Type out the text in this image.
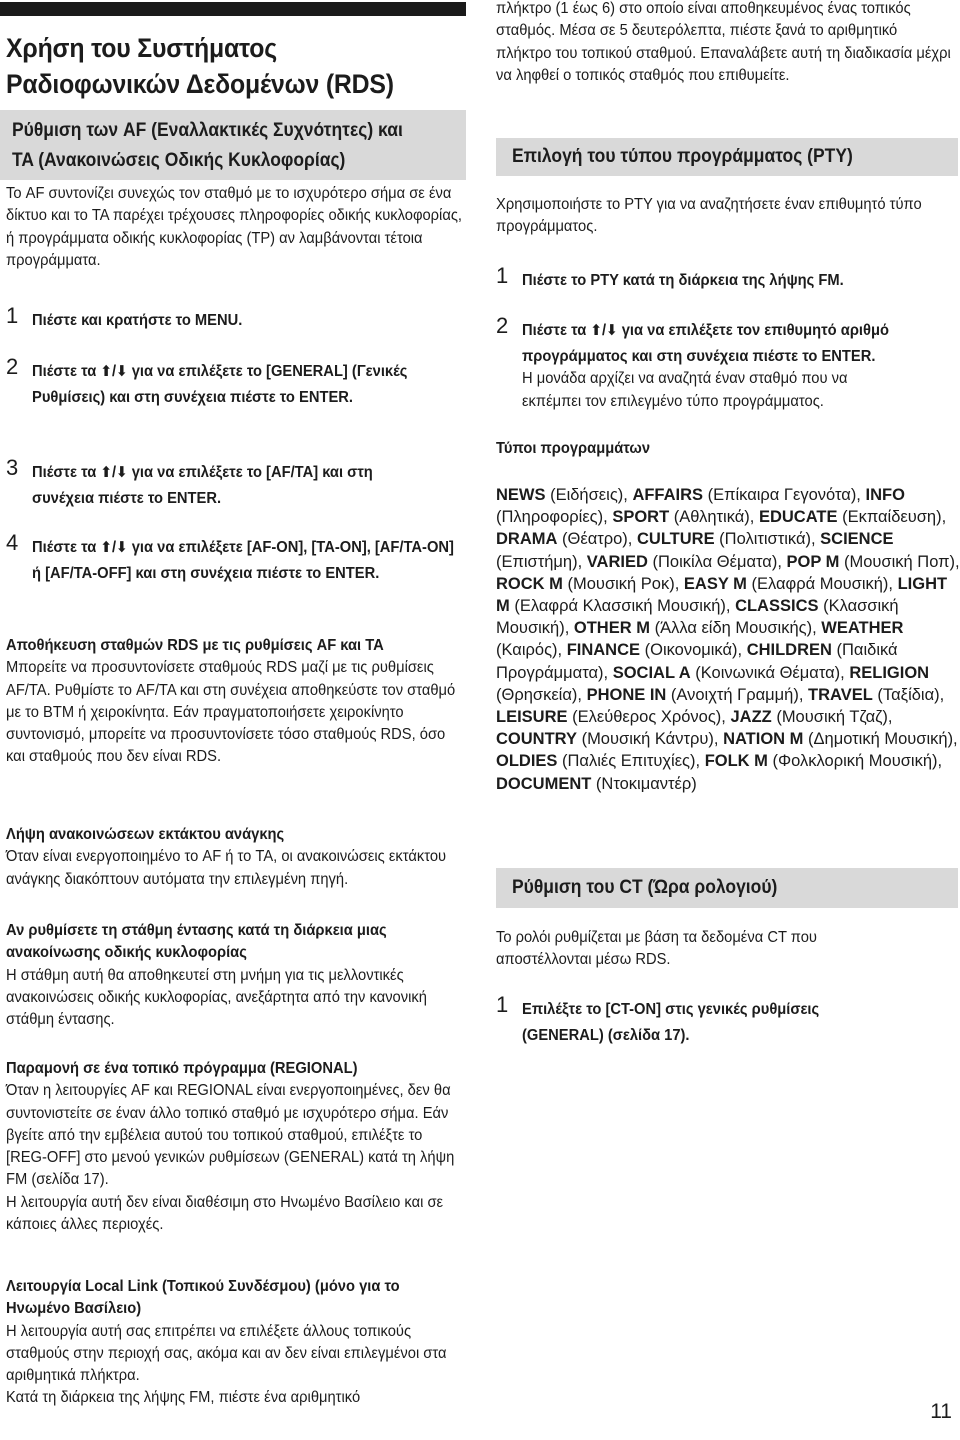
Χρήση του Συστήματος Ραδιοφωνικών Δεδομένων (RDS)
Ρύθμιση των AF (Εναλλακτικές Συχνότητες) και TA (Ανακοινώσεις Οδικής Κυκλοφορίας)
Το AF συντονίζει συνεχώς τον σταθμό με το ισχυρότερο σήμα σε ένα δίκτυο και το TA παρέχει τρέχουσες πληροφορίες οδικής κυκλοφορίας, ή προγράμματα οδικής κυκλοφορίας (TP) αν λαμβάνονται τέτοια προγράμματα.
1 Πιέστε και κρατήστε το MENU.
2 Πιέστε τα ⬆/⬇ για να επιλέξετε το [GENERAL] (Γενικές Ρυθμίσεις) και στη συνέχεια πιέστε το ENTER.
3 Πιέστε τα ⬆/⬇ για να επιλέξετε το [AF/TA] και στη συνέχεια πιέστε το ENTER.
4 Πιέστε τα ⬆/⬇ για να επιλέξετε [AF-ON], [TA-ON], [AF/TA-ON] ή [AF/TA-OFF] και στη συνέχεια πιέστε το ENTER.
Αποθήκευση σταθμών RDS με τις ρυθμίσεις AF και TA
Μπορείτε να προσυντονίσετε σταθμούς RDS μαζί με τις ρυθμίσεις AF/TA. Ρυθμίστε το AF/TA και στη συνέχεια αποθηκεύστε τον σταθμό με το BTM ή χειροκίνητα. Εάν πραγματοποιήσετε χειροκίνητο συντονισμό, μπορείτε να προσυντονίσετε τόσο σταθμούς RDS, όσο και σταθμούς που δεν είναι RDS.
Λήψη ανακοινώσεων εκτάκτου ανάγκης
Όταν είναι ενεργοποιημένο το AF ή το TA, οι ανακοινώσεις εκτάκτου ανάγκης διακόπτουν αυτόματα την επιλεγμένη πηγή.
Αν ρυθμίσετε τη στάθμη έντασης κατά τη διάρκεια μιας ανακοίνωσης οδικής κυκλοφορίας
Η στάθμη αυτή θα αποθηκευτεί στη μνήμη για τις μελλοντικές ανακοινώσεις οδικής κυκλοφορίας, ανεξάρτητα από την κανονική στάθμη έντασης.
Παραμονή σε ένα τοπικό πρόγραμμα (REGIONAL)
Όταν η λειτουργίες AF και REGIONAL είναι ενεργοποιημένες, δεν θα συντονιστείτε σε έναν άλλο τοπικό σταθμό με ισχυρότερο σήμα. Εάν βγείτε από την εμβέλεια αυτού του τοπικού σταθμού, επιλέξτε το [REG-OFF] στο μενού γενικών ρυθμίσεων (GENERAL) κατά τη λήψη FM (σελίδα 17).
Η λειτουργία αυτή δεν είναι διαθέσιμη στο Ηνωμένο Βασίλειο και σε κάποιες άλλες περιοχές.
Λειτουργία Local Link (Τοπικού Συνδέσμου) (μόνο για το Ηνωμένο Βασίλειο)
Η λειτουργία αυτή σας επιτρέπει να επιλέξετε άλλους τοπικούς σταθμούς στην περιοχή σας, ακόμα και αν δεν είναι επιλεγμένοι στα αριθμητικά πλήκτρα.
Κατά τη διάρκεια της λήψης FM, πιέστε ένα αριθμητικό
πλήκτρο (1 έως 6) στο οποίο είναι αποθηκευμένος ένας τοπικός σταθμός. Μέσα σε 5 δευτερόλεπτα, πιέστε ξανά το αριθμητικό πλήκτρο του τοπικού σταθμού. Επαναλάβετε αυτή τη διαδικασία μέχρι να ληφθεί ο τοπικός σταθμός που επιθυμείτε.
Επιλογή του τύπου προγράμματος (PTY)
Χρησιμοποιήστε το PTY για να αναζητήσετε έναν επιθυμητό τύπο προγράμματος.
1 Πιέστε το PTY κατά τη διάρκεια της λήψης FM.
2 Πιέστε τα ⬆/⬇ για να επιλέξετε τον επιθυμητό αριθμό προγράμματος και στη συνέχεια πιέστε το ENTER.
Η μονάδα αρχίζει να αναζητά έναν σταθμό που να εκπέμπει τον επιλεγμένο τύπο προγράμματος.
Τύποι προγραμμάτων
NEWS (Ειδήσεις), AFFAIRS (Επίκαιρα Γεγονότα), INFO (Πληροφορίες), SPORT (Αθλητικά), EDUCATE (Εκπαίδευση), DRAMA (Θέατρο), CULTURE (Πολιτιστικά), SCIENCE (Επιστήμη), VARIED (Ποικίλα Θέματα), POP M (Μουσική Ποπ), ROCK M (Μουσική Ροκ), EASY M (Ελαφρά Μουσική), LIGHT M (Ελαφρά Κλασσική Μουσική), CLASSICS (Κλασσική Μουσική), OTHER M (Άλλα είδη Μουσικής), WEATHER (Καιρός), FINANCE (Οικονομικά), CHILDREN (Παιδικά Προγράμματα), SOCIAL A (Κοινωνικά Θέματα), RELIGION (Θρησκεία), PHONE IN (Ανοιχτή Γραμμή), TRAVEL (Ταξίδια), LEISURE (Ελεύθερος Χρόνος), JAZZ (Μουσική Τζαζ), COUNTRY (Μουσική Κάντρυ), NATION M (Δημοτική Μουσική), OLDIES (Παλιές Επιτυχίες), FOLK M (Φολκλορική Μουσική), DOCUMENT (Ντοκιμαντέρ)
Ρύθμιση του CT (Ώρα ρολογιού)
Το ρολόι ρυθμίζεται με βάση τα δεδομένα CT που αποστέλλονται μέσω RDS.
1 Επιλέξτε το [CT-ON] στις γενικές ρυθμίσεις (GENERAL) (σελίδα 17).
11
